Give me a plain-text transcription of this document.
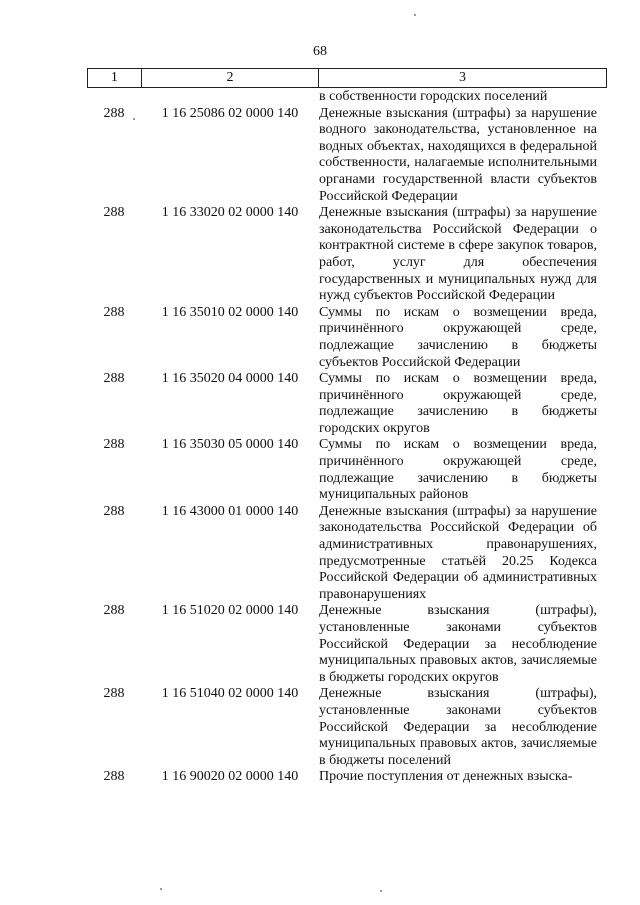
68
1	2	3
в собственности городских поселений
288	1 16 25086 02 0000 140	Денежные взыскания (штрафы) за нарушение водного законодательства, установленное на водных объектах, находящихся в федеральной собственности, налагаемые исполнительными органами государственной власти субъектов Российской Федерации
288	1 16 33020 02 0000 140	Денежные взыскания (штрафы) за нарушение законодательства Российской Федерации о контрактной системе в сфере закупок товаров, работ, услуг для обеспечения государственных и муниципальных нужд для нужд субъектов Российской Федерации
288	1 16 35010 02 0000 140	Суммы по искам о возмещении вреда, причинённого окружающей среде, подлежащие зачислению в бюджеты субъектов Российской Федерации
288	1 16 35020 04 0000 140	Суммы по искам о возмещении вреда, причинённого окружающей среде, подлежащие зачислению в бюджеты городских округов
288	1 16 35030 05 0000 140	Суммы по искам о возмещении вреда, причинённого окружающей среде, подлежащие зачислению в бюджеты муниципальных районов
288	1 16 43000 01 0000 140	Денежные взыскания (штрафы) за нарушение законодательства Российской Федерации об административных правонарушениях, предусмотренные статьёй 20.25 Кодекса Российской Федерации об административных правонарушениях
288	1 16 51020 02 0000 140	Денежные взыскания (штрафы), установленные законами субъектов Российской Федерации за несоблюдение муниципальных правовых актов, зачисляемые в бюджеты городских округов
288	1 16 51040 02 0000 140	Денежные взыскания (штрафы), установленные законами субъектов Российской Федерации за несоблюдение муниципальных правовых актов, зачисляемые в бюджеты поселений
288	1 16 90020 02 0000 140	Прочие поступления от денежных взыска-
